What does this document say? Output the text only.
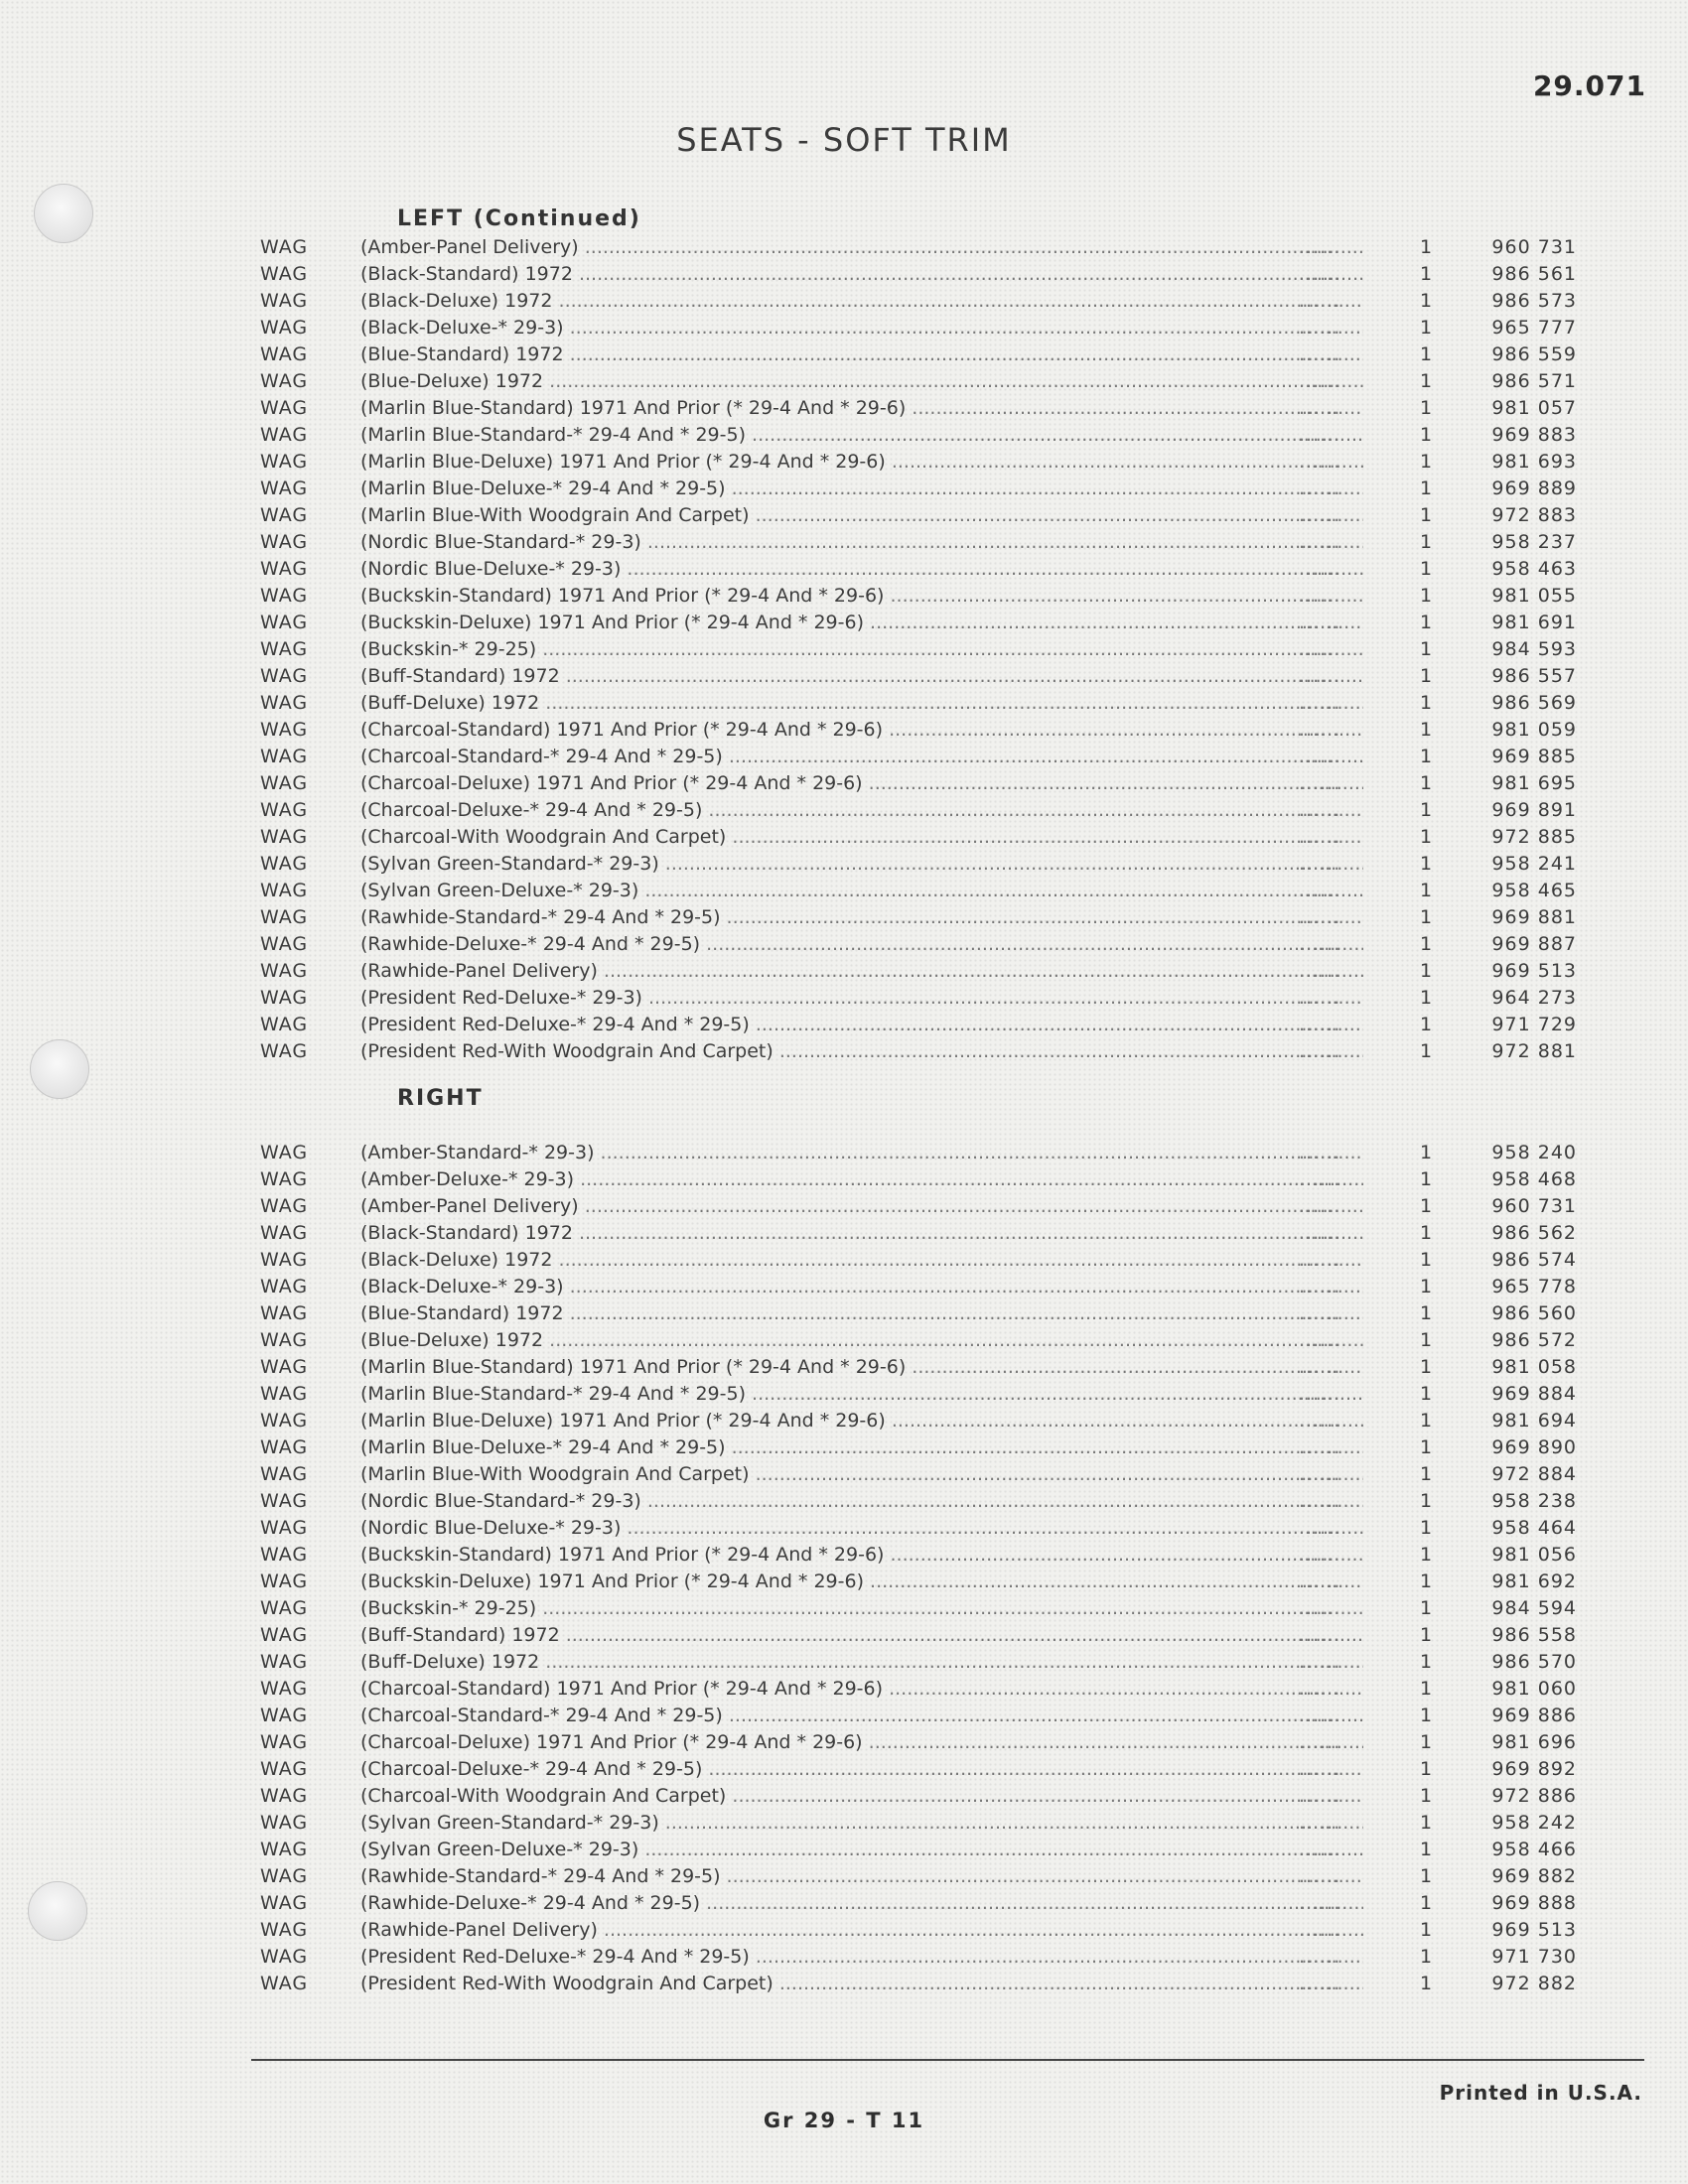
29.071
SEATS - SOFT TRIM
LEFT (Continued)
WAG	(Amber-Panel Delivery) .....	......	1	960 731
WAG	(Black-Standard) 1972 .....	......	1	986 561
WAG	(Black-Deluxe) 1972 .....	......	1	986 573
WAG	(Black-Deluxe-* 29-3) .....	......	1	965 777
WAG	(Blue-Standard) 1972 .....	......	1	986 559
WAG	(Blue-Deluxe) 1972 .....	......	1	986 571
WAG	(Marlin Blue-Standard) 1971 And Prior (* 29-4 And * 29-6) .....	......	1	981 057
WAG	(Marlin Blue-Standard-* 29-4 And * 29-5) .....	......	1	969 883
WAG	(Marlin Blue-Deluxe) 1971 And Prior (* 29-4 And * 29-6) .....	......	1	981 693
WAG	(Marlin Blue-Deluxe-* 29-4 And * 29-5) .....	......	1	969 889
WAG	(Marlin Blue-With Woodgrain And Carpet) .....	......	1	972 883
WAG	(Nordic Blue-Standard-* 29-3) .....	......	1	958 237
WAG	(Nordic Blue-Deluxe-* 29-3) .....	......	1	958 463
WAG	(Buckskin-Standard) 1971 And Prior (* 29-4 And * 29-6) .....	......	1	981 055
WAG	(Buckskin-Deluxe) 1971 And Prior (* 29-4 And * 29-6) .....	......	1	981 691
WAG	(Buckskin-* 29-25) .....	......	1	984 593
WAG	(Buff-Standard) 1972 .....	......	1	986 557
WAG	(Buff-Deluxe) 1972 .....	......	1	986 569
WAG	(Charcoal-Standard) 1971 And Prior (* 29-4 And * 29-6) .....	......	1	981 059
WAG	(Charcoal-Standard-* 29-4 And * 29-5) .....	......	1	969 885
WAG	(Charcoal-Deluxe) 1971 And Prior (* 29-4 And * 29-6) .....	......	1	981 695
WAG	(Charcoal-Deluxe-* 29-4 And * 29-5) .....	......	1	969 891
WAG	(Charcoal-With Woodgrain And Carpet) .....	......	1	972 885
WAG	(Sylvan Green-Standard-* 29-3) .....	......	1	958 241
WAG	(Sylvan Green-Deluxe-* 29-3) .....	......	1	958 465
WAG	(Rawhide-Standard-* 29-4 And * 29-5) .....	......	1	969 881
WAG	(Rawhide-Deluxe-* 29-4 And * 29-5) .....	......	1	969 887
WAG	(Rawhide-Panel Delivery) .....	......	1	969 513
WAG	(President Red-Deluxe-* 29-3) .....	......	1	964 273
WAG	(President Red-Deluxe-* 29-4 And * 29-5) .....	......	1	971 729
WAG	(President Red-With Woodgrain And Carpet) .....	......	1	972 881
RIGHT
WAG	(Amber-Standard-* 29-3) .....	......	1	958 240
WAG	(Amber-Deluxe-* 29-3) .....	......	1	958 468
WAG	(Amber-Panel Delivery) .....	......	1	960 731
WAG	(Black-Standard) 1972 .....	......	1	986 562
WAG	(Black-Deluxe) 1972 .....	......	1	986 574
WAG	(Black-Deluxe-* 29-3) .....	......	1	965 778
WAG	(Blue-Standard) 1972 .....	......	1	986 560
WAG	(Blue-Deluxe) 1972 .....	......	1	986 572
WAG	(Marlin Blue-Standard) 1971 And Prior (* 29-4 And * 29-6) .....	......	1	981 058
WAG	(Marlin Blue-Standard-* 29-4 And * 29-5) .....	......	1	969 884
WAG	(Marlin Blue-Deluxe) 1971 And Prior (* 29-4 And * 29-6) .....	......	1	981 694
WAG	(Marlin Blue-Deluxe-* 29-4 And * 29-5) .....	......	1	969 890
WAG	(Marlin Blue-With Woodgrain And Carpet) .....	......	1	972 884
WAG	(Nordic Blue-Standard-* 29-3) .....	......	1	958 238
WAG	(Nordic Blue-Deluxe-* 29-3) .....	......	1	958 464
WAG	(Buckskin-Standard) 1971 And Prior (* 29-4 And * 29-6) .....	......	1	981 056
WAG	(Buckskin-Deluxe) 1971 And Prior (* 29-4 And * 29-6) .....	......	1	981 692
WAG	(Buckskin-* 29-25) .....	......	1	984 594
WAG	(Buff-Standard) 1972 .....	......	1	986 558
WAG	(Buff-Deluxe) 1972 .....	......	1	986 570
WAG	(Charcoal-Standard) 1971 And Prior (* 29-4 And * 29-6) .....	......	1	981 060
WAG	(Charcoal-Standard-* 29-4 And * 29-5) .....	......	1	969 886
WAG	(Charcoal-Deluxe) 1971 And Prior (* 29-4 And * 29-6) .....	......	1	981 696
WAG	(Charcoal-Deluxe-* 29-4 And * 29-5) .....	......	1	969 892
WAG	(Charcoal-With Woodgrain And Carpet) .....	......	1	972 886
WAG	(Sylvan Green-Standard-* 29-3) .....	......	1	958 242
WAG	(Sylvan Green-Deluxe-* 29-3) .....	......	1	958 466
WAG	(Rawhide-Standard-* 29-4 And * 29-5) .....	......	1	969 882
WAG	(Rawhide-Deluxe-* 29-4 And * 29-5) .....	......	1	969 888
WAG	(Rawhide-Panel Delivery) .....	......	1	969 513
WAG	(President Red-Deluxe-* 29-4 And * 29-5) .....	......	1	971 730
WAG	(President Red-With Woodgrain And Carpet) .....	......	1	972 882
Printed in U.S.A.
Gr 29 - T 11
